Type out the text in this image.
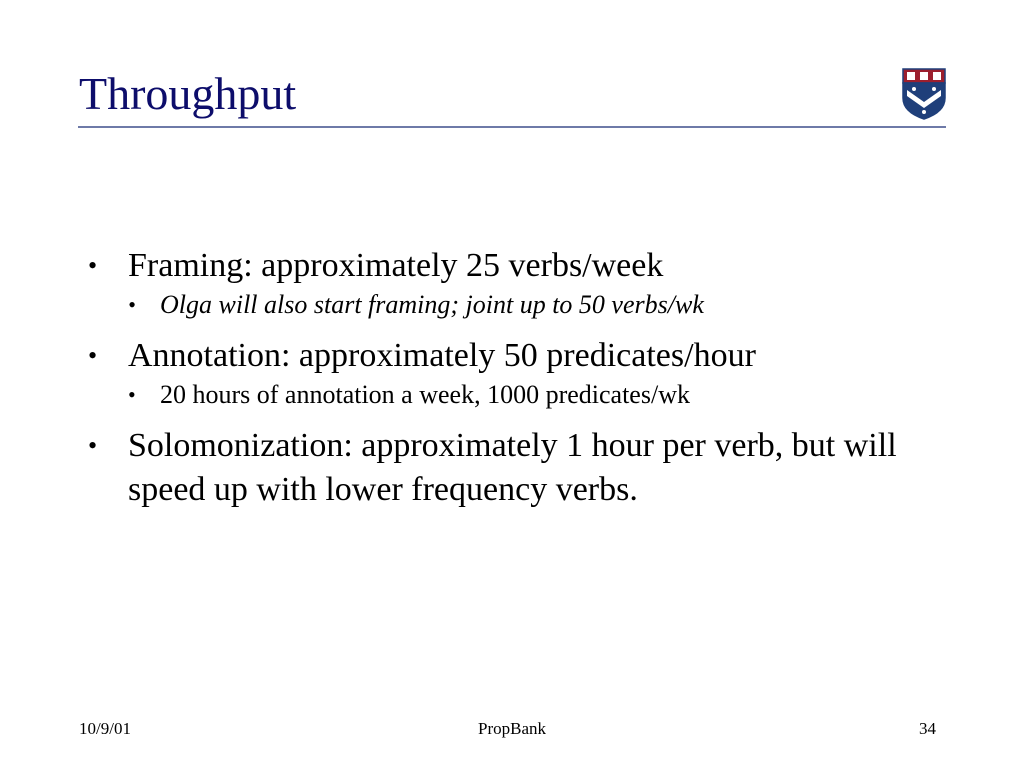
Throughput
• Framing: approximately 25 verbs/week
• Olga will also start framing; joint up to 50 verbs/wk
• Annotation: approximately 50 predicates/hour
• 20 hours of annotation a week, 1000 predicates/wk
• Solomonization: approximately 1 hour per verb, but will speed up with lower frequency verbs.
10/9/01	PropBank	34
